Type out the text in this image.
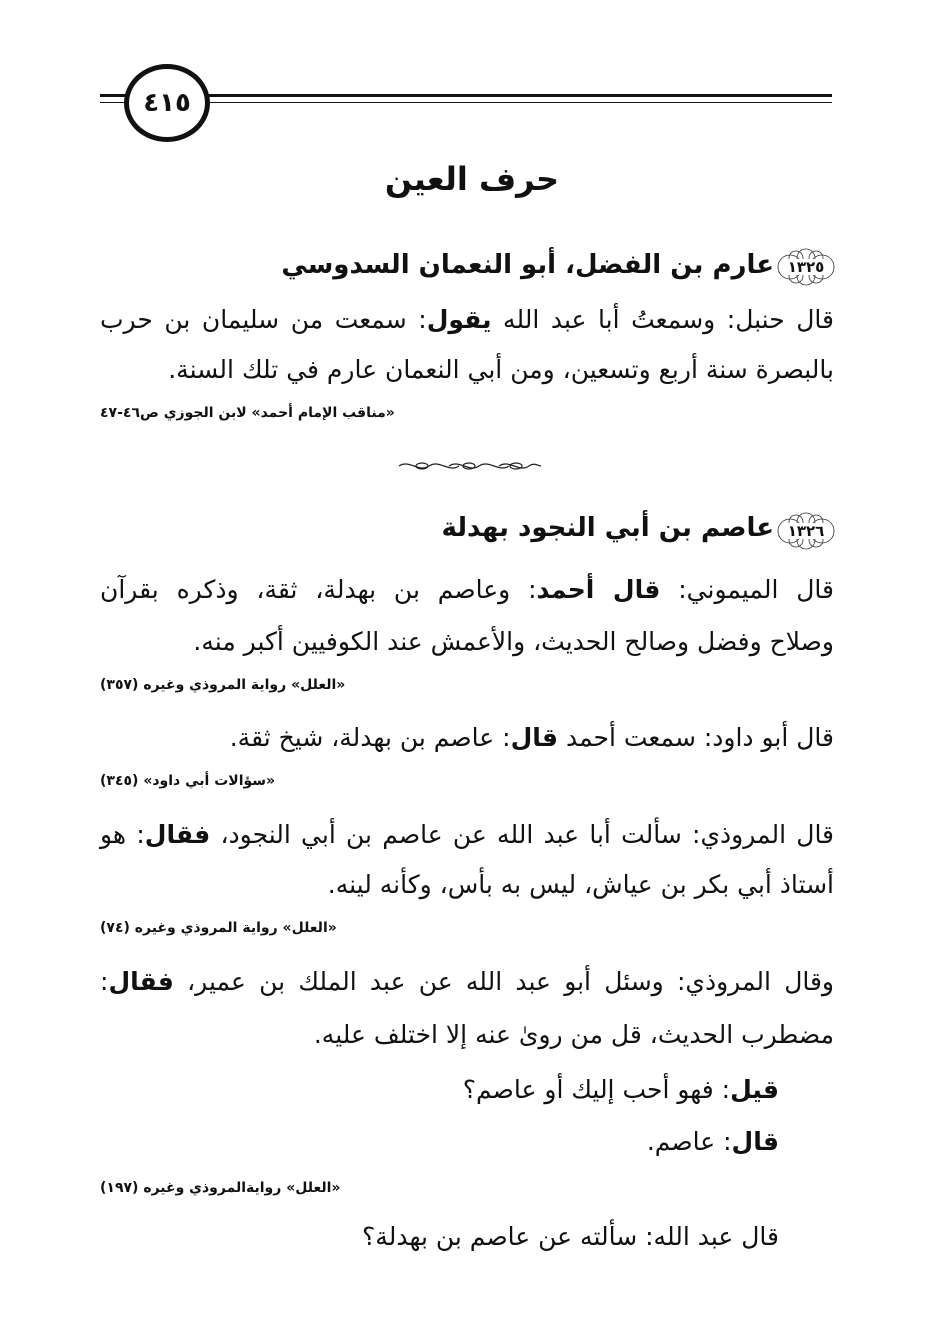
٤١٥
حرف العين
١٣٢٥
عارم بن الفضل، أبو النعمان السدوسي
قال حنبل: وسمعتُ أبا عبد الله يقول: سمعت من سليمان بن حرب
بالبصرة سنة أربع وتسعين، ومن أبي النعمان عارم في تلك السنة.
«مناقب الإمام أحمد» لابن الجوزي ص٤٦-٤٧
١٣٢٦
عاصم بن أبي النجود بهدلة
قال الميموني: قال أحمد: وعاصم بن بهدلة، ثقة، وذكره بقرآن
وصلاح وفضل وصالح الحديث، والأعمش عند الكوفيين أكبر منه.
«العلل» رواية المروذي وغيره (٣٥٧)
قال أبو داود: سمعت أحمد قال: عاصم بن بهدلة، شيخ ثقة.
«سؤالات أبي داود» (٣٤٥)
قال المروذي: سألت أبا عبد الله عن عاصم بن أبي النجود، فقال: هو
أستاذ أبي بكر بن عياش، ليس به بأس، وكأنه لينه.
«العلل» رواية المروذي وغيره (٧٤)
وقال المروذي: وسئل أبو عبد الله عن عبد الملك بن عمير، فقال:
مضطرب الحديث، قل من روىٰ عنه إلا اختلف عليه.
قيل: فهو أحب إليك أو عاصم؟
قال: عاصم.
«العلل» روايةالمروذي وغيره (١٩٧)
قال عبد الله: سألته عن عاصم بن بهدلة؟
